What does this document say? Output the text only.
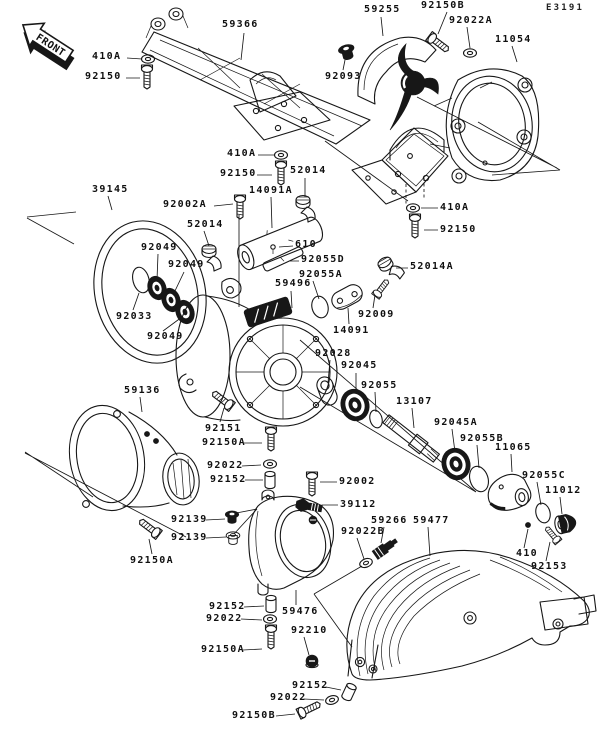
FRONT
59366
410A
92150
59255 92150B
92022A
E3191
11054
92093
410A
92150	52014
14091A
39145
92002A
52014
92049
92049
610
92055D
92055A
59496
52014A
92009
14091
410A
92150
92033
92049
92028
92045
92055
13107
92045A
92055B
11065
92055C
11012
59136
92151
92150A
92022
92152	92002
39112
92022B
59266 59477
410
92153
92139
92139
92150A
92152
92022
59476
92210
92150A
92152
92022
92150B
